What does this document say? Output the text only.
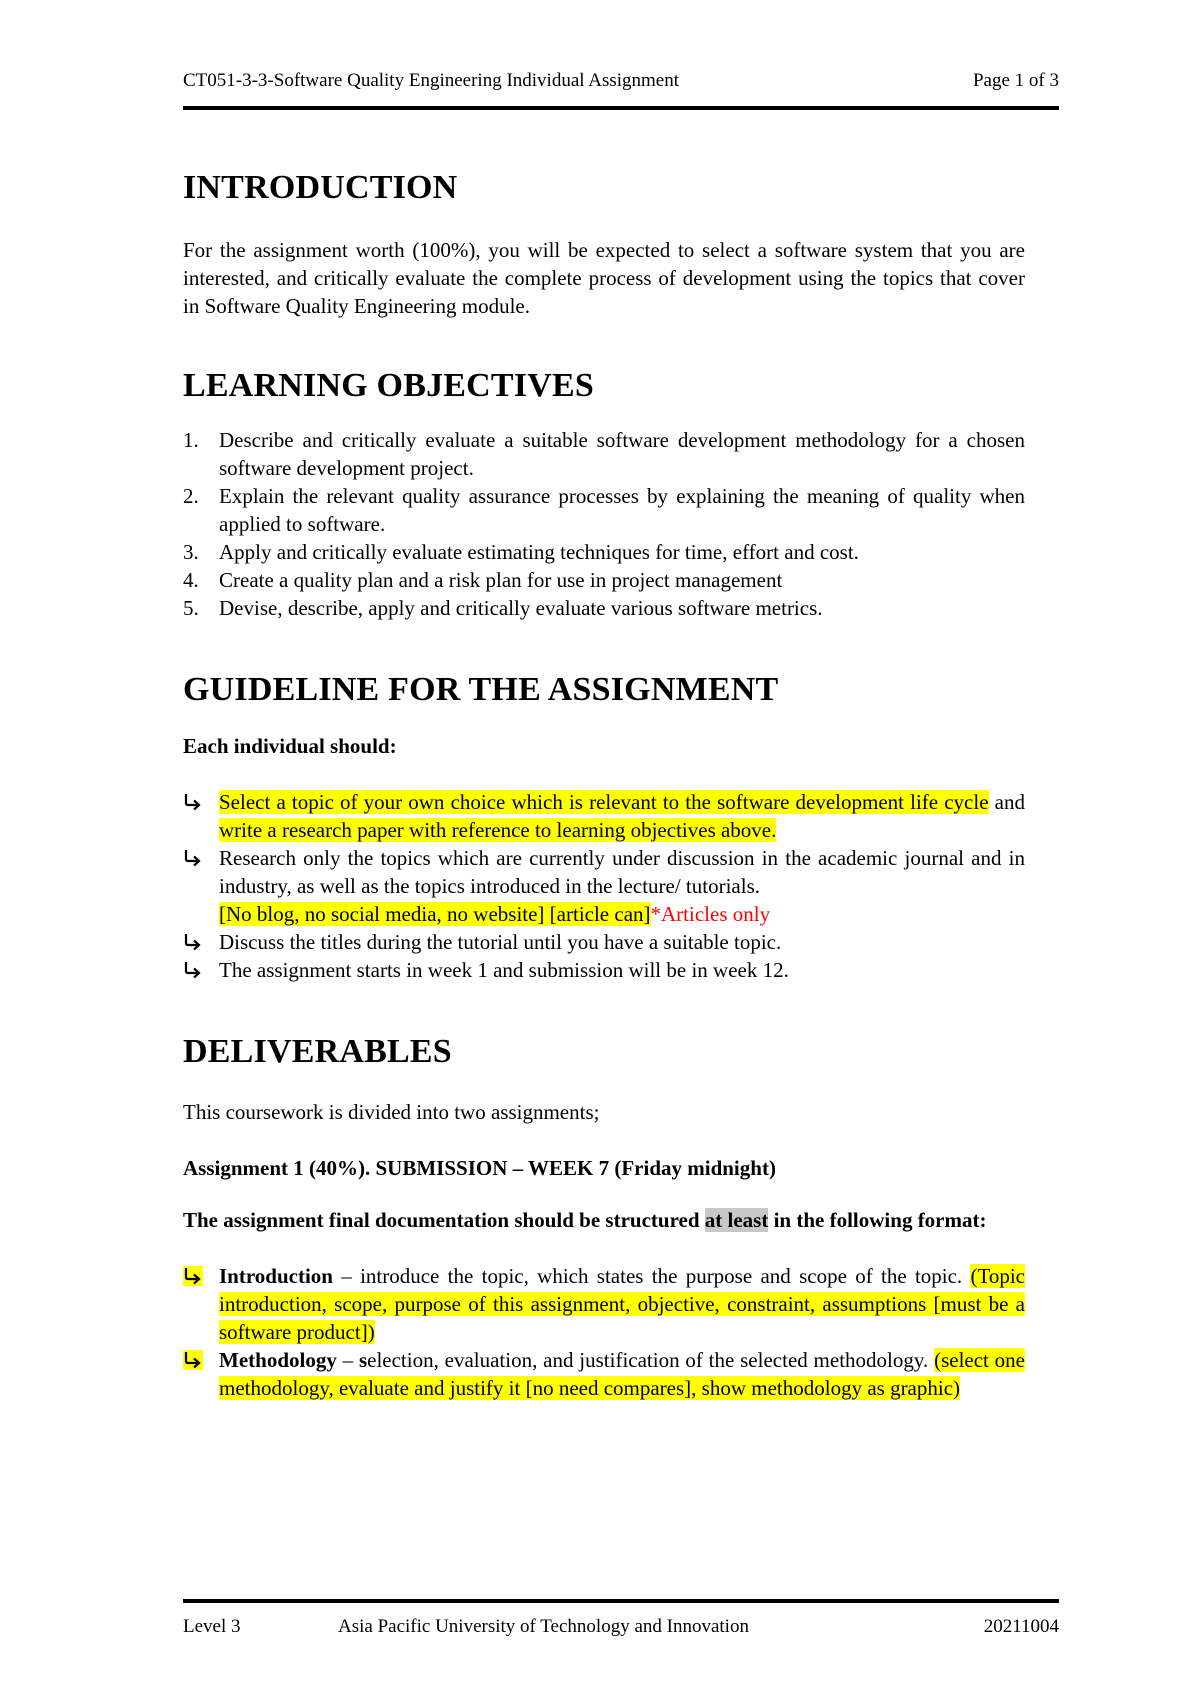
CT051-3-3-Software Quality Engineering Individual Assignment	Page 1 of 3
INTRODUCTION

For the assignment worth (100%), you will be expected to select a software system that you are interested, and critically evaluate the complete process of development using the topics that cover in Software Quality Engineering module.

LEARNING OBJECTIVES
1. Describe and critically evaluate a suitable software development methodology for a chosen software development project.
2. Explain the relevant quality assurance processes by explaining the meaning of quality when applied to software.
3. Apply and critically evaluate estimating techniques for time, effort and cost.
4. Create a quality plan and a risk plan for use in project management
5. Devise, describe, apply and critically evaluate various software metrics.
GUIDELINE FOR THE ASSIGNMENT

Each individual should:

Select a topic of your own choice which is relevant to the software development life cycle and write a research paper with reference to learning objectives above.
Research only the topics which are currently under discussion in the academic journal and in industry, as well as the topics introduced in the lecture/ tutorials.
[No blog, no social media, no website] [article can]*Articles only
Discuss the titles during the tutorial until you have a suitable topic.
The assignment starts in week 1 and submission will be in week 12.
DELIVERABLES

This coursework is divided into two assignments;

Assignment 1 (40%). SUBMISSION – WEEK 7 (Friday midnight)

The assignment final documentation should be structured at least in the following format:

Introduction – introduce the topic, which states the purpose and scope of the topic. (Topic introduction, scope, purpose of this assignment, objective, constraint, assumptions [must be a software product])
Methodology – selection, evaluation, and justification of the selected methodology. (select one methodology, evaluate and justify it [no need compares], show methodology as graphic)
Level 3	Asia Pacific University of Technology and Innovation	20211004
